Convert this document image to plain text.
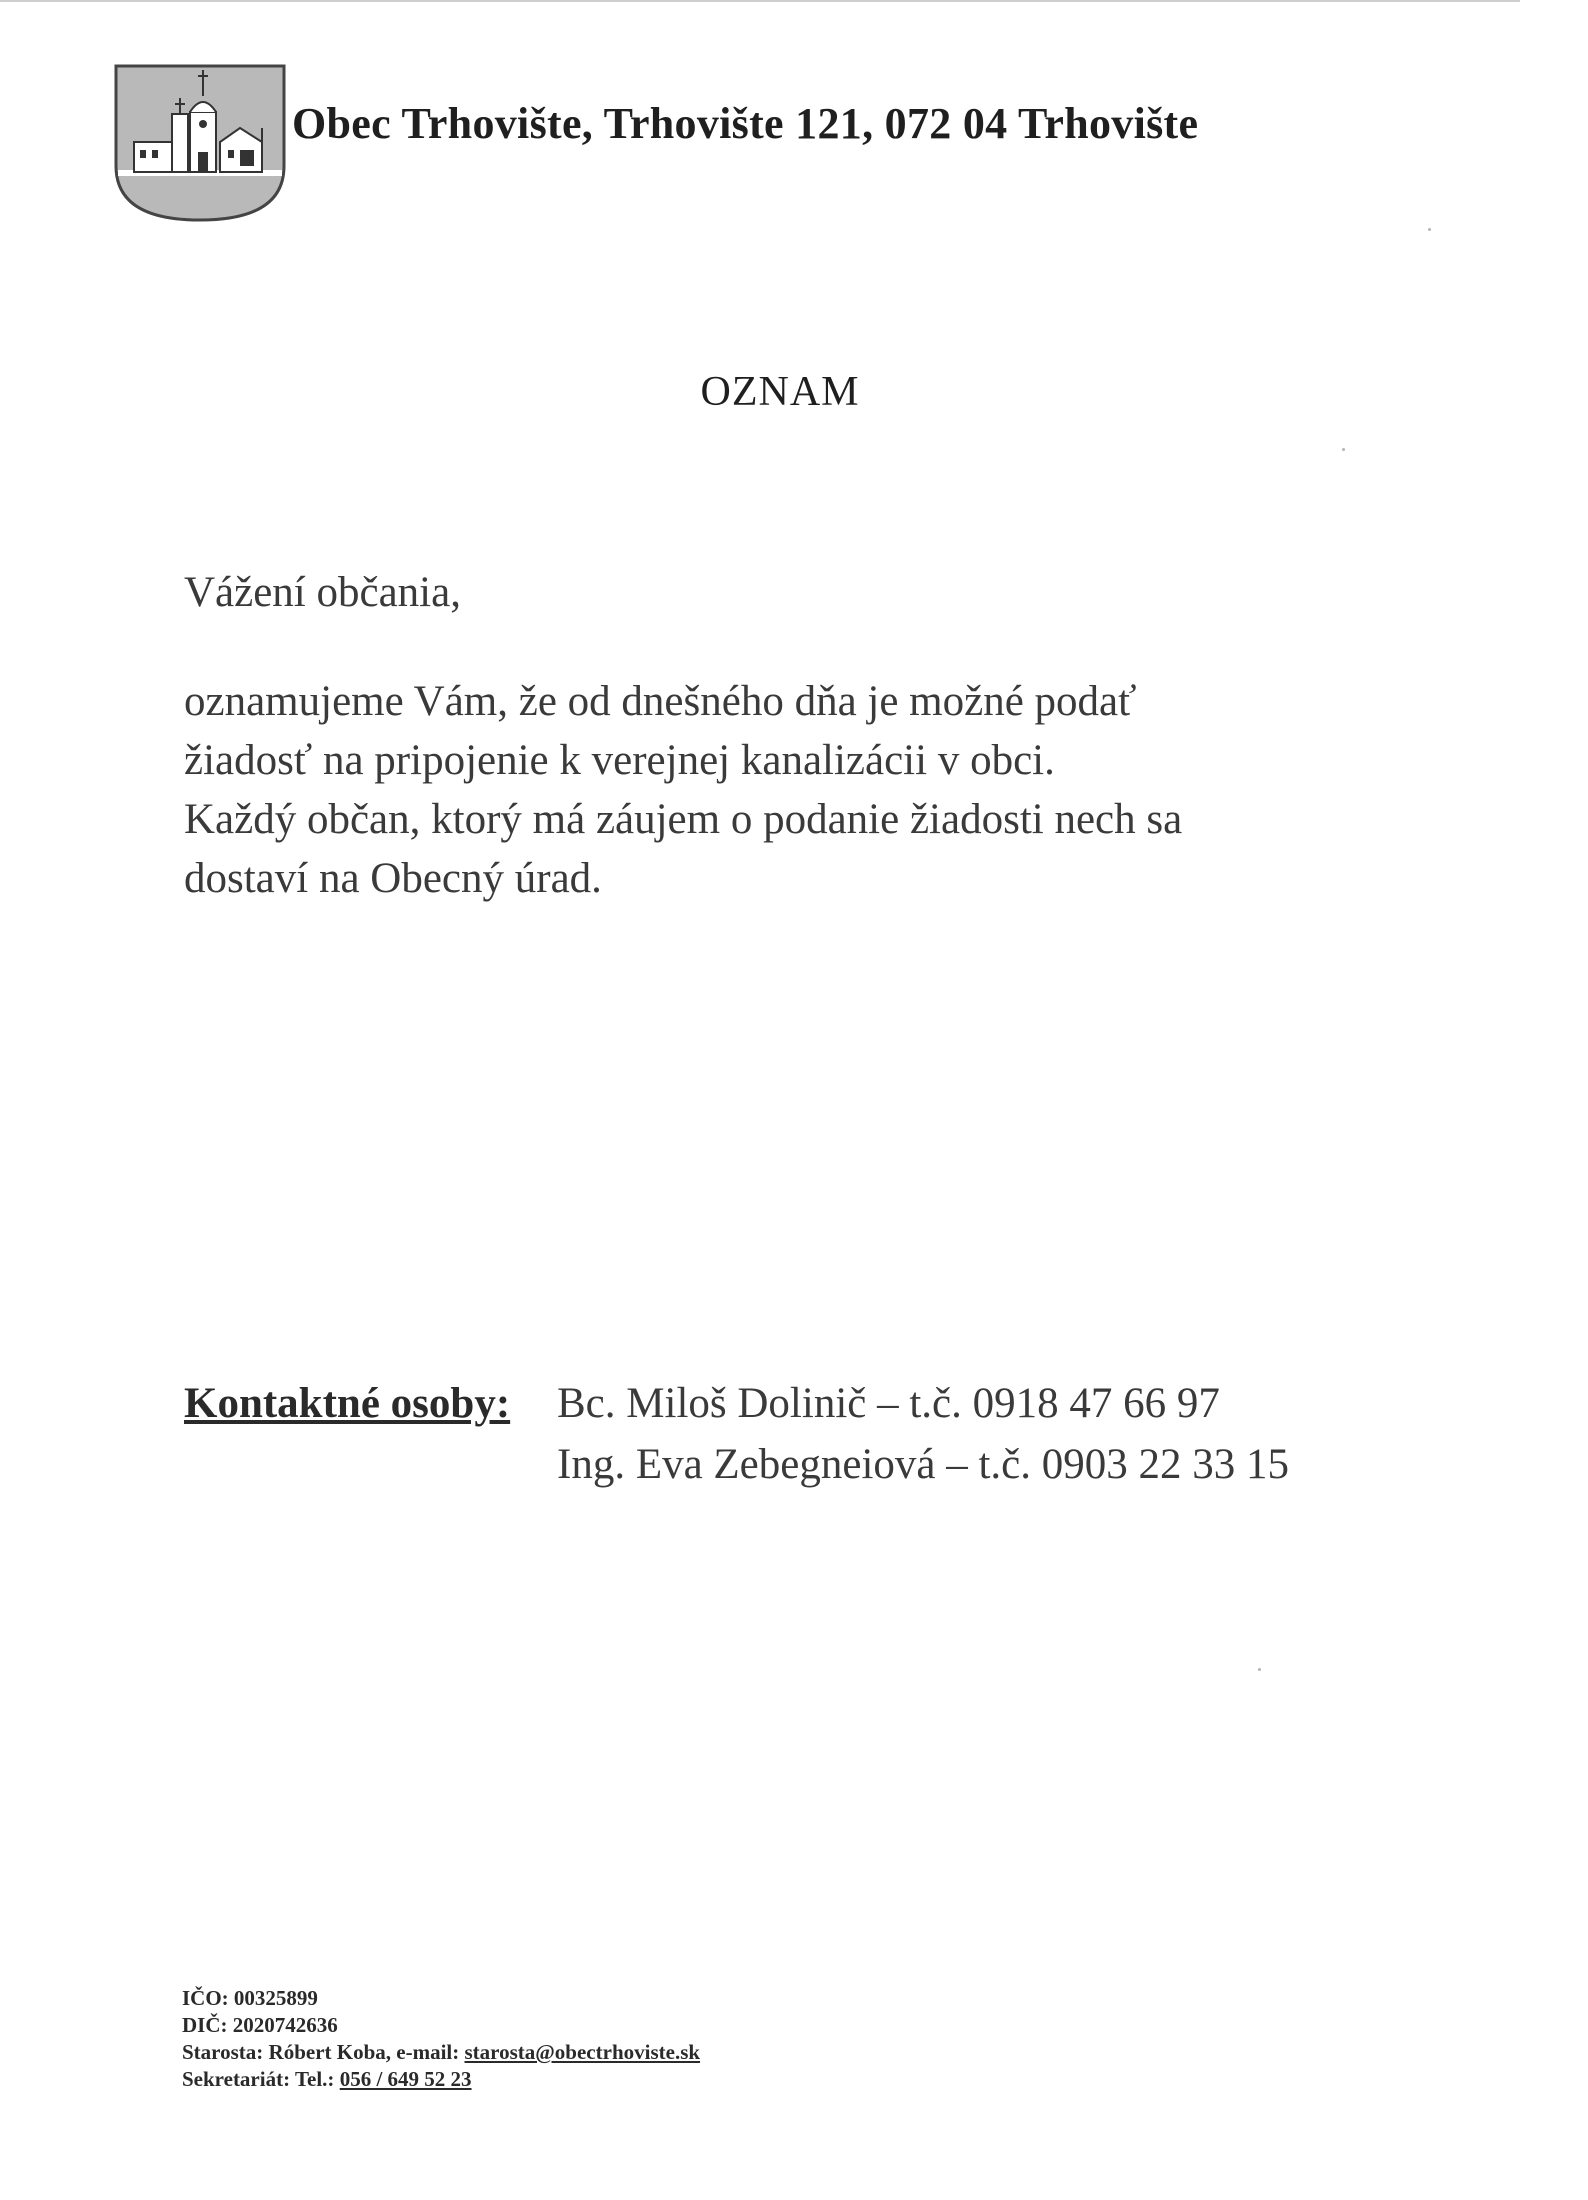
Obec Trhovište, Trhovište 121, 072 04 Trhovište
OZNAM
Vážení občania,
oznamujeme Vám, že od dnešného dňa je možné podať
žiadosť na pripojenie k verejnej kanalizácii v obci.
Každý občan, ktorý má záujem o podanie žiadosti nech sa
dostaví na Obecný úrad.
Kontaktné osoby: Bc. Miloš Dolinič – t.č. 0918 47 66 97
Ing. Eva Zebegneiová – t.č. 0903 22 33 15
IČO: 00325899
DIČ: 2020742636
Starosta: Róbert Koba, e-mail: starosta@obectrhoviste.sk
Sekretariát: Tel.: 056 / 649 52 23
